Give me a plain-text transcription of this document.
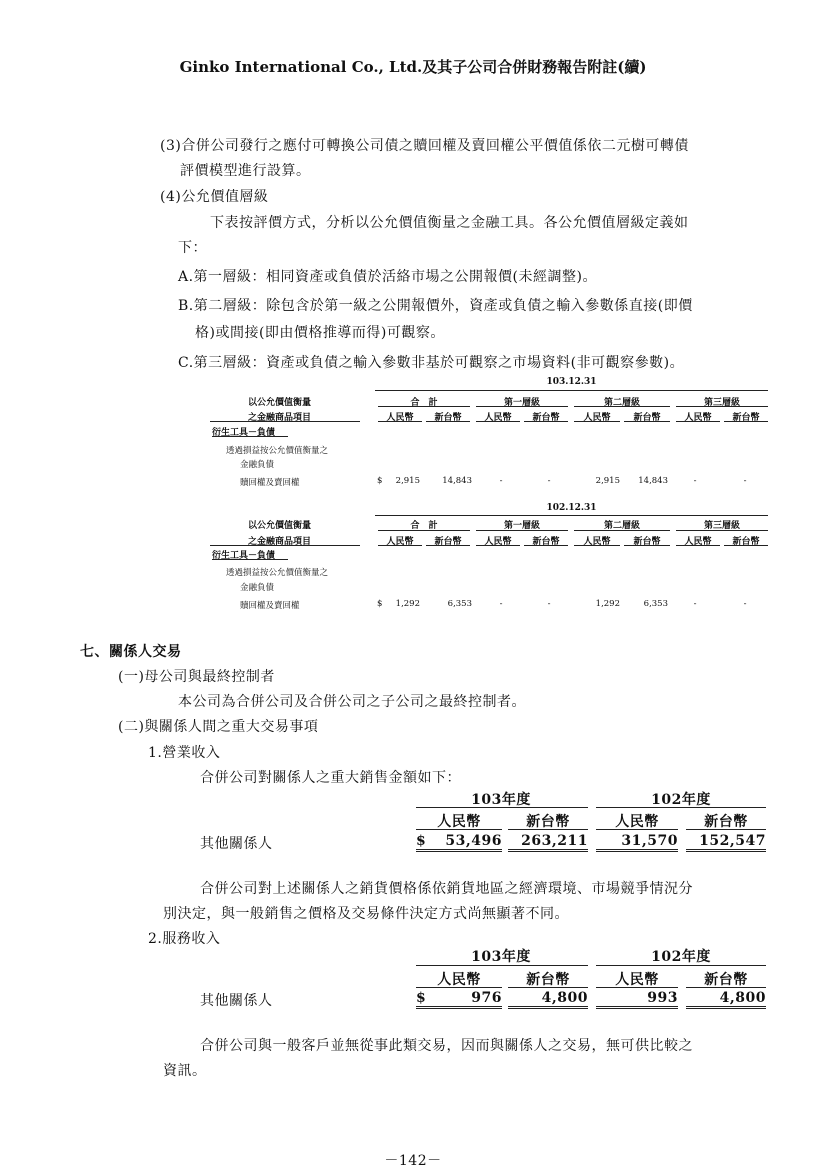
Ginko International Co., Ltd.及其子公司合併財務報告附註(續)
(3)合併公司發行之應付可轉換公司債之贖回權及賣回權公平價值係依二元樹可轉債
評價模型進行設算。
(4)公允價值層級
下表按評價方式，分析以公允價值衡量之金融工具。各公允價值層級定義如
下：
A.第一層級：相同資產或負債於活絡市場之公開報價(未經調整)。
B.第二層級：除包含於第一級之公開報價外，資產或負債之輸入參數係直接(即價
格)或間接(即由價格推導而得)可觀察。
C.第三層級：資產或負債之輸入參數非基於可觀察之市場資料(非可觀察參數)。
103.12.31
以公允價值衡量
之金融商品項目
合　計	第一層級	第二層級	第三層級
人民幣	新台幣	人民幣	新台幣	人民幣	新台幣	人民幣	新台幣
衍生工具－負債
透過損益按公允價值衡量之
金融負債
贖回權及賣回權	$	2,915	14,843	-	-	2,915	14,843	-	-
102.12.31
以公允價值衡量
之金融商品項目
合　計	第一層級	第二層級	第三層級
人民幣	新台幣	人民幣	新台幣	人民幣	新台幣	人民幣	新台幣
衍生工具－負債
透過損益按公允價值衡量之
金融負債
贖回權及賣回權	$	1,292	6,353	-	-	1,292	6,353	-	-
七、關係人交易
(一)母公司與最終控制者
本公司為合併公司及合併公司之子公司之最終控制者。
(二)與關係人間之重大交易事項
1.營業收入
合併公司對關係人之重大銷售金額如下：
103年度	102年度
人民幣	新台幣	人民幣	新台幣
其他關係人	$	53,496	263,211	31,570	152,547
合併公司對上述關係人之銷貨價格係依銷貨地區之經濟環境、市場競爭情況分
別決定，與一般銷售之價格及交易條件決定方式尚無顯著不同。
2.服務收入
103年度	102年度
人民幣	新台幣	人民幣	新台幣
其他關係人	$	976	4,800	993	4,800
合併公司與一般客戶並無從事此類交易，因而與關係人之交易，無可供比較之
資訊。
－142－
